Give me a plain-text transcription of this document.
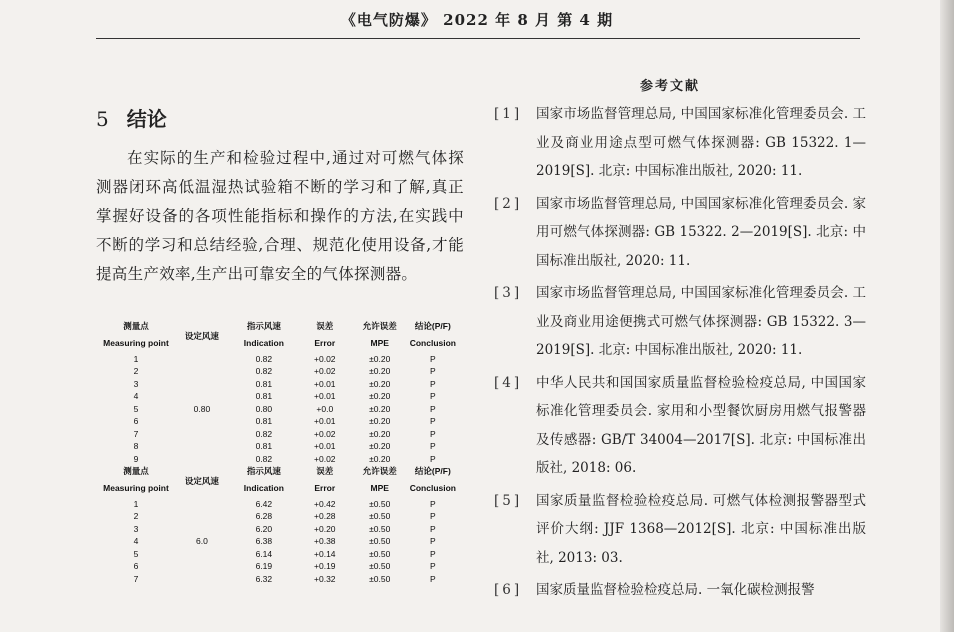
《电气防爆》 2022 年 8 月 第 4 期
5 结论
在实际的生产和检验过程中,通过对可燃气体探测器闭环高低温湿热试验箱不断的学习和了解,真正掌握好设备的各项性能指标和操作的方法,在实践中不断的学习和总结经验,合理、规范化使用设备,才能提高生产效率,生产出可靠安全的气体探测器。
测量点	设定风速	指示风速	误差	允许误差	结论(P/F)
Measuring point		Indication	Error	MPE	Conclusion
1	0.80	0.82	+0.02	±0.20	P
2		0.82	+0.02	±0.20	P
3		0.81	+0.01	±0.20	P
4		0.81	+0.01	±0.20	P
5		0.80	+0.0	±0.20	P
6		0.81	+0.01	±0.20	P
7		0.82	+0.02	±0.20	P
8		0.81	+0.01	±0.20	P
9		0.82	+0.02	±0.20	P
测量点	设定风速	指示风速	误差	允许误差	结论(P/F)
Measuring point		Indication	Error	MPE	Conclusion
1	6.0	6.42	+0.42	±0.50	P
2		6.28	+0.28	±0.50	P
3		6.20	+0.20	±0.50	P
4		6.38	+0.38	±0.50	P
5		6.14	+0.14	±0.50	P
6		6.19	+0.19	±0.50	P
7		6.32	+0.32	±0.50	P
参考文献
[1]	国家市场监督管理总局, 中国国家标准化管理委员会. 工业及商业用途点型可燃气体探测器: GB 15322. 1—2019[S]. 北京: 中国标准出版社, 2020: 11.
[2]	国家市场监督管理总局, 中国国家标准化管理委员会. 家用可燃气体探测器: GB 15322. 2—2019[S]. 北京: 中国标准出版社, 2020: 11.
[3]	国家市场监督管理总局, 中国国家标准化管理委员会. 工业及商业用途便携式可燃气体探测器: GB 15322. 3—2019[S]. 北京: 中国标准出版社, 2020: 11.
[4]	中华人民共和国国家质量监督检验检疫总局, 中国国家标准化管理委员会. 家用和小型餐饮厨房用燃气报警器及传感器: GB/T 34004—2017[S]. 北京: 中国标准出版社, 2018: 06.
[5]	国家质量监督检验检疫总局. 可燃气体检测报警器型式评价大纲: JJF 1368—2012[S]. 北京: 中国标准出版社, 2013: 03.
[6]	国家质量监督检验检疫总局. 一氧化碳检测报警
